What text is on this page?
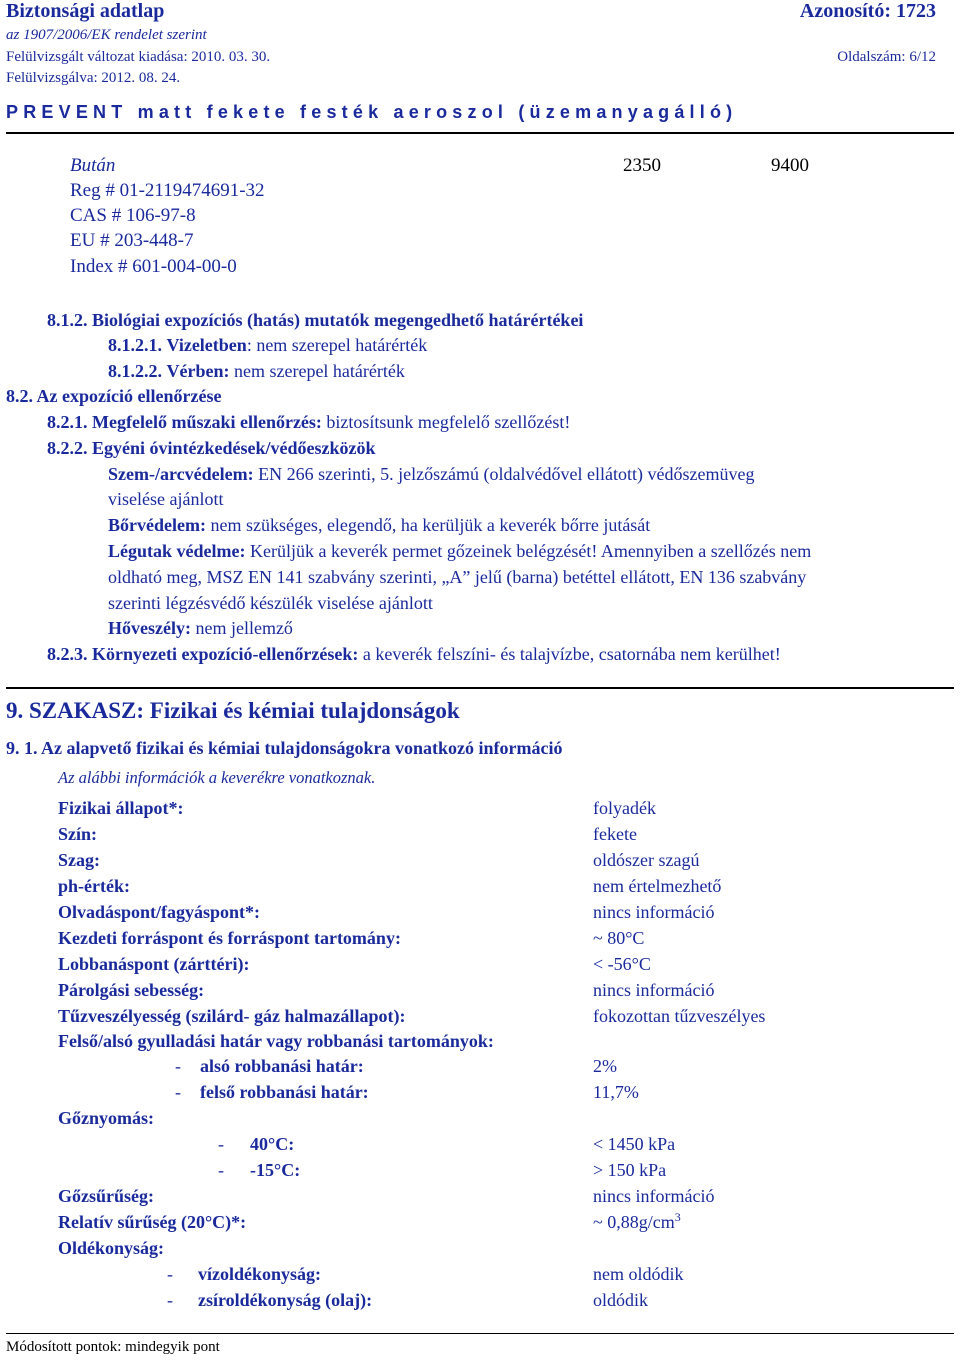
Biztonsági adatlap	Azonosító: 1723
az 1907/2006/EK rendelet szerint
Felülvizsgált változat kiadása: 2010. 03. 30.	Oldalszám: 6/12
Felülvizsgálva: 2012. 08. 24.
PREVENT matt fekete festék aeroszol (üzemanyagálló)
Bután	2350	9400
Reg # 01-2119474691-32
CAS # 106-97-8
EU # 203-448-7
Index # 601-004-00-0
8.1.2. Biológiai expozíciós (hatás) mutatók megengedhető határértékei
8.1.2.1. Vizeletben: nem szerepel határérték
8.1.2.2. Vérben: nem szerepel határérték
8.2. Az expozíció ellenőrzése
8.2.1. Megfelelő műszaki ellenőrzés: biztosítsunk megfelelő szellőzést!
8.2.2. Egyéni óvintézkedések/védőeszközök
Szem-/arcvédelem: EN 266 szerinti, 5. jelzőszámú (oldalvédővel ellátott) védőszemüveg
viselése ajánlott
Bőrvédelem: nem szükséges, elegendő, ha kerüljük a keverék bőrre jutását
Légutak védelme: Kerüljük a keverék permet gőzeinek belégzését! Amennyiben a szellőzés nem
oldható meg, MSZ EN 141 szabvány szerinti, „A” jelű (barna) betéttel ellátott, EN 136 szabvány
szerinti légzésvédő készülék viselése ajánlott
Hőveszély: nem jellemző
8.2.3. Környezeti expozíció-ellenőrzések: a keverék felszíni- és talajvízbe, csatornába nem kerülhet!
9. SZAKASZ: Fizikai és kémiai tulajdonságok
9. 1. Az alapvető fizikai és kémiai tulajdonságokra vonatkozó információ
Az alábbi információk a keverékre vonatkoznak.
Fizikai állapot*:	folyadék
Szín:	fekete
Szag:	oldószer szagú
ph-érték:	nem értelmezhető
Olvadáspont/fagyáspont*:	nincs információ
Kezdeti forráspont és forráspont tartomány:	~ 80°C
Lobbanáspont (zárttéri):	< -56°C
Párolgási sebesség:	nincs információ
Tűzveszélyesség (szilárd- gáz halmazállapot):	fokozottan tűzveszélyes
Felső/alsó gyulladási határ vagy robbanási tartományok:
- alsó robbanási határ:	2%
- felső robbanási határ:	11,7%
Gőznyomás:
- 40°C:	< 1450 kPa
- -15°C:	> 150 kPa
Gőzsűrűség:	nincs információ
Relatív sűrűség (20°C)*:	~ $0,88g/cm^3$
Oldékonyság:
- vízoldékonyság:	nem oldódik
- zsíroldékonyság (olaj):	oldódik
Módosított pontok: mindegyik pont
